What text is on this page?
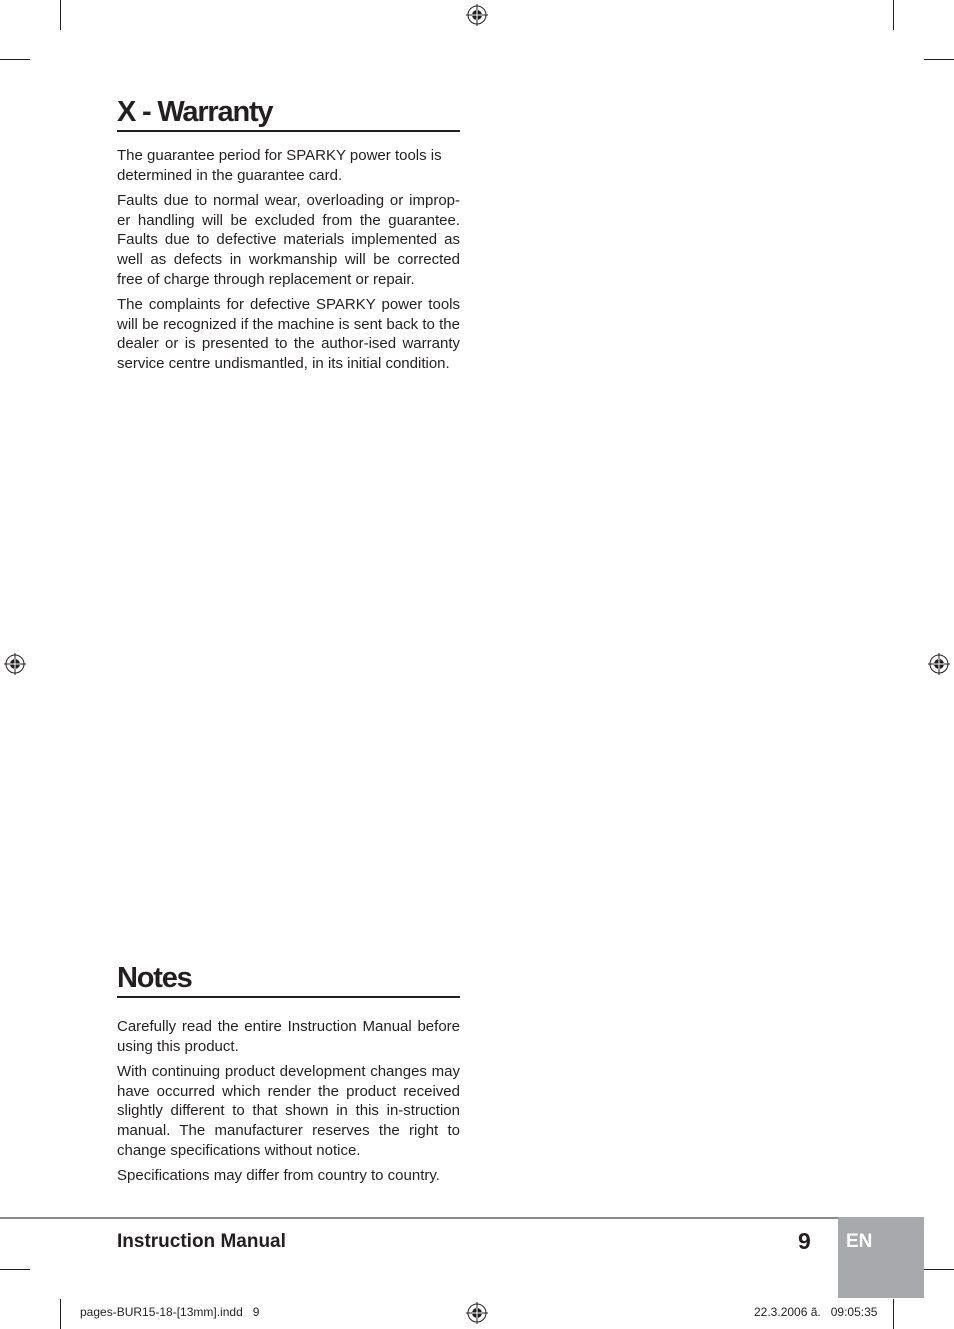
X - Warranty

The guarantee period for SPARKY power tools is determined in the guarantee card.

Faults due to normal wear, overloading or improp-er handling will be excluded from the guarantee. Faults due to defective materials implemented as well as defects in workmanship will be corrected free of charge through replacement or repair.

The complaints for defective SPARKY power tools will be recognized if the machine is sent back to the dealer or is presented to the author-ised warranty service centre undismantled, in its initial condition.

Notes

Carefully read the entire Instruction Manual before using this product.

With continuing product development changes may have occurred which render the product received slightly different to that shown in this in-struction manual. The manufacturer reserves the right to change specifications without notice.

Specifications may differ from country to country.

Instruction Manual	9	EN
pages-BUR15-18-[13mm].indd   9	22.3.2006 ã.   09:05:35
